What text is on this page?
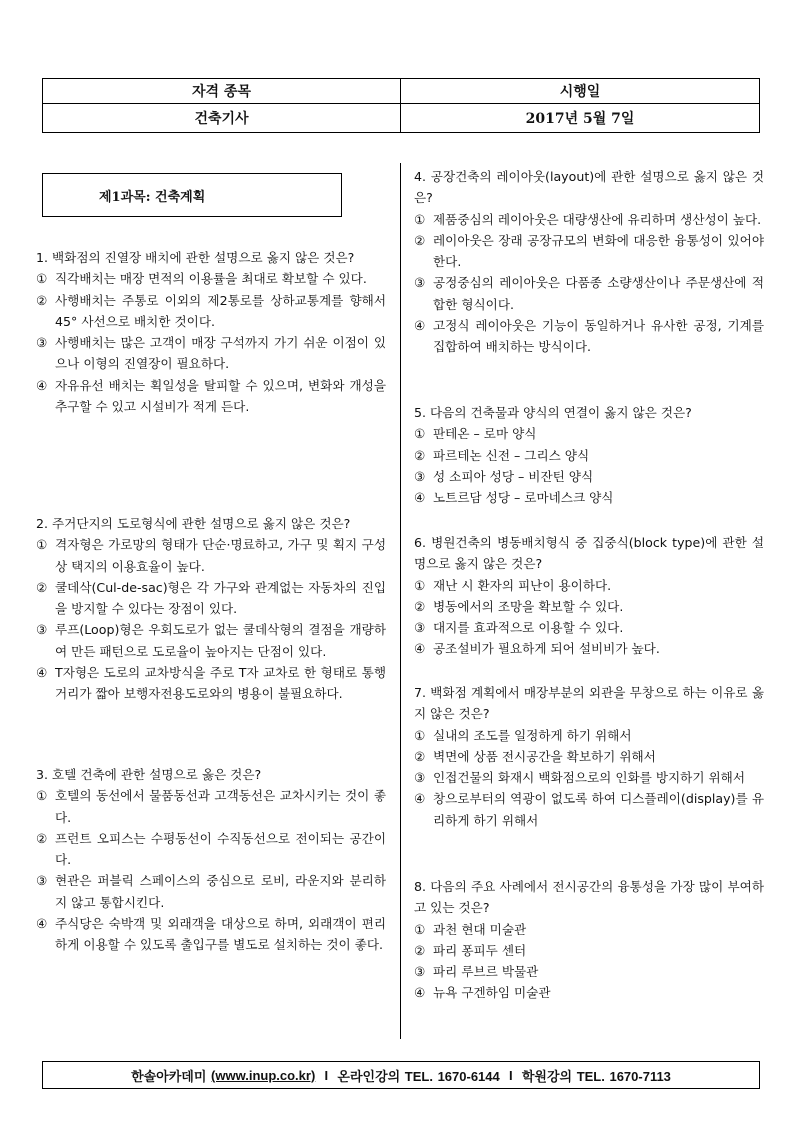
자격 종목	시행일
건축기사	2017년 5월 7일
제1과목: 건축계획
1. 백화점의 진열장 배치에 관한 설명으로 옳지 않은 것은?
① 직각배치는 매장 면적의 이용률을 최대로 확보할 수 있다.
② 사행배치는 주통로 이외의 제2통로를 상하교통계를 향해서 45° 사선으로 배치한 것이다.
③ 사행배치는 많은 고객이 매장 구석까지 가기 쉬운 이점이 있으나 이형의 진열장이 필요하다.
④ 자유유선 배치는 획일성을 탈피할 수 있으며, 변화와 개성을 추구할 수 있고 시설비가 적게 든다.
2. 주거단지의 도로형식에 관한 설명으로 옳지 않은 것은?
① 격자형은 가로망의 형태가 단순·명료하고, 가구 및 획지 구성상 택지의 이용효율이 높다.
② 쿨데삭(Cul-de-sac)형은 각 가구와 관계없는 자동차의 진입을 방지할 수 있다는 장점이 있다.
③ 루프(Loop)형은 우회도로가 없는 쿨데삭형의 결점을 개량하여 만든 패턴으로 도로율이 높아지는 단점이 있다.
④ T자형은 도로의 교차방식을 주로 T자 교차로 한 형태로 통행거리가 짧아 보행자전용도로와의 병용이 불필요하다.
3. 호텔 건축에 관한 설명으로 옳은 것은?
① 호텔의 동선에서 물품동선과 고객동선은 교차시키는 것이 좋다.
② 프런트 오피스는 수평동선이 수직동선으로 전이되는 공간이다.
③ 현관은 퍼블릭 스페이스의 중심으로 로비, 라운지와 분리하지 않고 통합시킨다.
④ 주식당은 숙박객 및 외래객을 대상으로 하며, 외래객이 편리하게 이용할 수 있도록 출입구를 별도로 설치하는 것이 좋다.
4. 공장건축의 레이아웃(layout)에 관한 설명으로 옳지 않은 것은?
① 제품중심의 레이아웃은 대량생산에 유리하며 생산성이 높다.
② 레이아웃은 장래 공장규모의 변화에 대응한 융통성이 있어야 한다.
③ 공정중심의 레이아웃은 다품종 소량생산이나 주문생산에 적합한 형식이다.
④ 고정식 레이아웃은 기능이 동일하거나 유사한 공정, 기계를 집합하여 배치하는 방식이다.
5. 다음의 건축물과 양식의 연결이 옳지 않은 것은?
① 판테온 – 로마 양식
② 파르테논 신전 – 그리스 양식
③ 성 소피아 성당 – 비잔틴 양식
④ 노트르담 성당 – 로마네스크 양식
6. 병원건축의 병동배치형식 중 집중식(block type)에 관한 설명으로 옳지 않은 것은?
① 재난 시 환자의 피난이 용이하다.
② 병동에서의 조망을 확보할 수 있다.
③ 대지를 효과적으로 이용할 수 있다.
④ 공조설비가 필요하게 되어 설비비가 높다.
7. 백화점 계획에서 매장부분의 외관을 무창으로 하는 이유로 옳지 않은 것은?
① 실내의 조도를 일정하게 하기 위해서
② 벽면에 상품 전시공간을 확보하기 위해서
③ 인접건물의 화재시 백화점으로의 인화를 방지하기 위해서
④ 창으로부터의 역광이 없도록 하여 디스플레이(display)를 유리하게 하기 위해서
8. 다음의 주요 사례에서 전시공간의 융통성을 가장 많이 부여하고 있는 것은?
① 과천 현대 미술관
② 파리 퐁피두 센터
③ 파리 루브르 박물관
④ 뉴욕 구겐하임 미술관
한솔아카데미
(www.inup.co.kr)
I
온라인강의 TEL. 1670-6144
I
학원강의 TEL. 1670-7113
